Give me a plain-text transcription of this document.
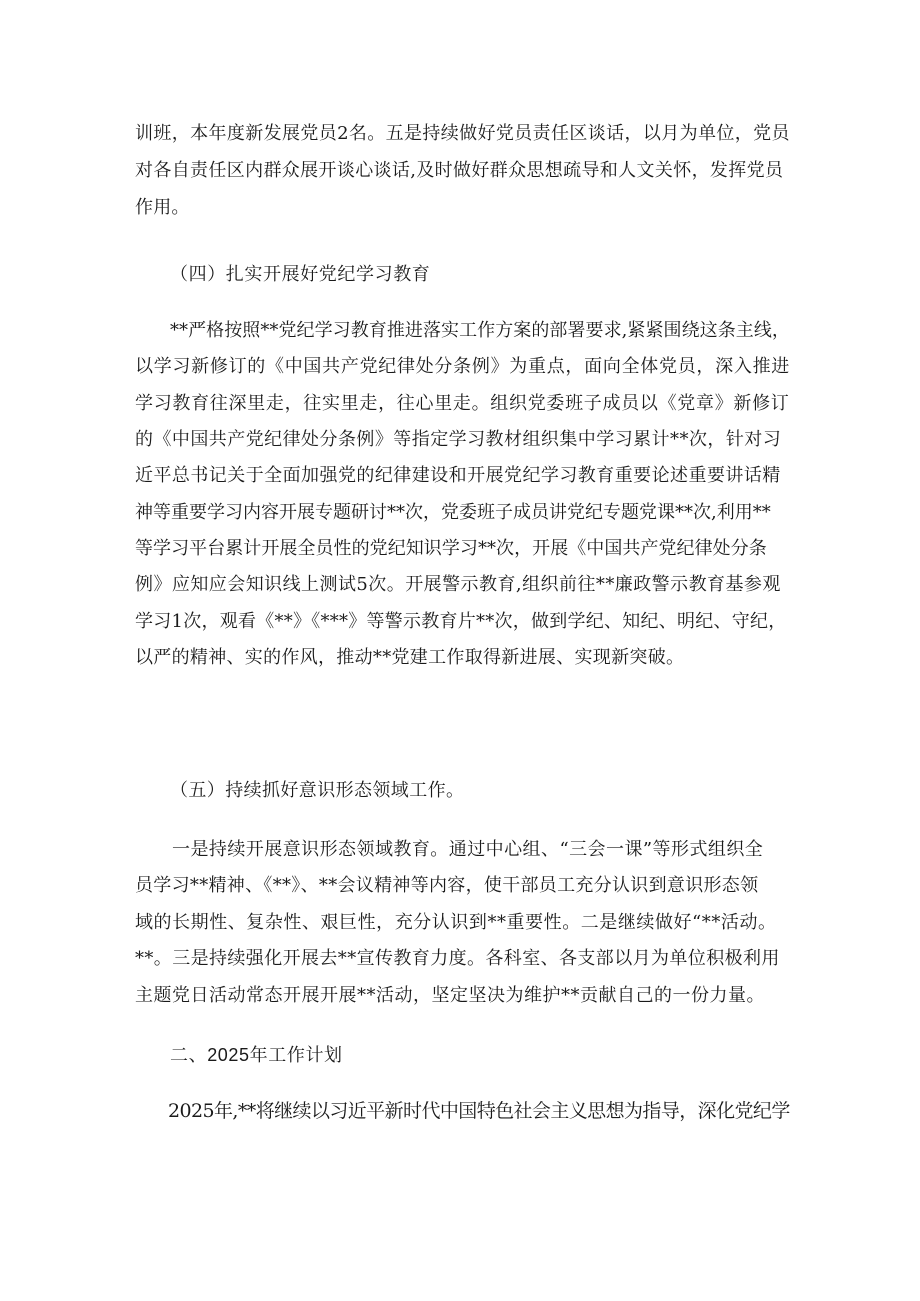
训班，本年度新发展党员2名。五是持续做好党员责任区谈话，以月为单位，党员
对各自责任区内群众展开谈心谈话,及时做好群众思想疏导和人文关怀，发挥党员
作用。
（四）扎实开展好党纪学习教育
**严格按照**党纪学习教育推进落实工作方案的部署要求,紧紧围绕这条主线，
以学习新修订的《中国共产党纪律处分条例》为重点，面向全体党员，深入推进
学习教育往深里走，往实里走，往心里走。组织党委班子成员以《党章》新修订
的《中国共产党纪律处分条例》等指定学习教材组织集中学习累计**次，针对习
近平总书记关于全面加强党的纪律建设和开展党纪学习教育重要论述重要讲话精
神等重要学习内容开展专题研讨**次，党委班子成员讲党纪专题党课**次,利用**
等学习平台累计开展全员性的党纪知识学习**次，开展《中国共产党纪律处分条
例》应知应会知识线上测试5次。开展警示教育,组织前往**廉政警示教育基参观
学习1次，观看《**》《***》等警示教育片**次，做到学纪、知纪、明纪、守纪，
以严的精神、实的作风，推动**党建工作取得新进展、实现新突破。
（五）持续抓好意识形态领域工作。
一是持续开展意识形态领域教育。通过中心组、“三会一课”等形式组织全
员学习**精神、《**》、**会议精神等内容，使干部员工充分认识到意识形态领
域的长期性、复杂性、艰巨性，充分认识到**重要性。二是继续做好“**活动。
**。三是持续强化开展去**宣传教育力度。各科室、各支部以月为单位积极利用
主题党日活动常态开展开展**活动，坚定坚决为维护**贡献自己的一份力量。
二、2025年工作计划
2025年,**将继续以习近平新时代中国特色社会主义思想为指导，深化党纪学
